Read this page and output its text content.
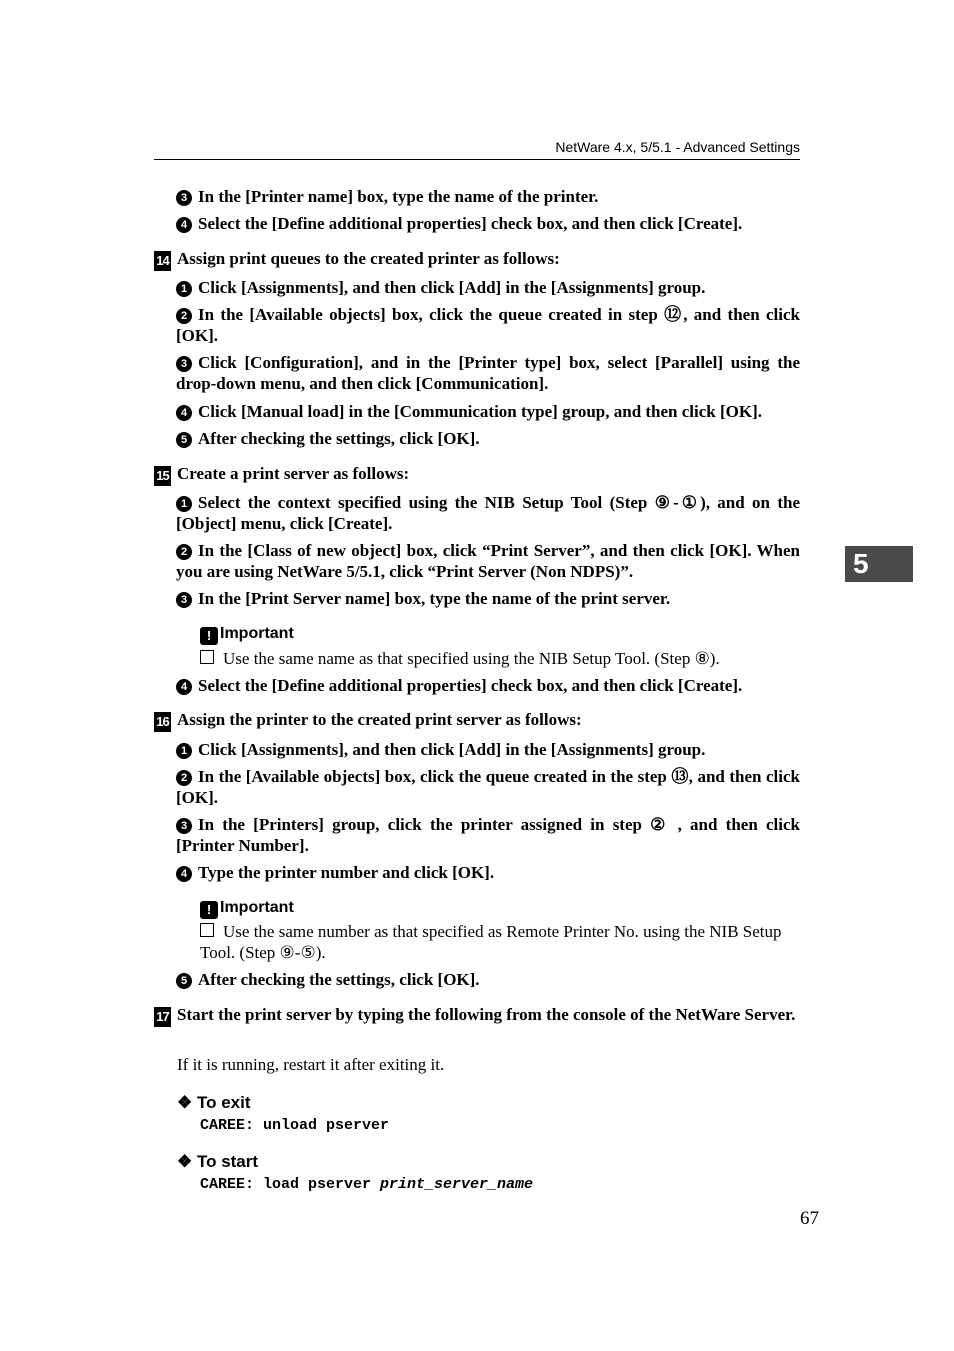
NetWare 4.x, 5/5.1 - Advanced Settings
3 In the [Printer name] box, type the name of the printer.
4 Select the [Define additional properties] check box, and then click [Create].
14 Assign print queues to the created printer as follows:
1 Click [Assignments], and then click [Add] in the [Assignments] group.
2 In the [Available objects] box, click the queue created in step ⑫, and then click [OK].
3 Click [Configuration], and in the [Printer type] box, select [Parallel] using the drop-down menu, and then click [Communication].
4 Click [Manual load] in the [Communication type] group, and then click [OK].
5 After checking the settings, click [OK].
15 Create a print server as follows:
1 Select the context specified using the NIB Setup Tool (Step ⑨-①), and on the [Object] menu, click [Create].
2 In the [Class of new object] box, click “Print Server”, and then click [OK]. When you are using NetWare 5/5.1, click “Print Server (Non NDPS)”.
3 In the [Print Server name] box, type the name of the print server.
! Important
Use the same name as that specified using the NIB Setup Tool. (Step ⑧).
4 Select the [Define additional properties] check box, and then click [Create].
16 Assign the printer to the created print server as follows:
1 Click [Assignments], and then click [Add] in the [Assignments] group.
2 In the [Available objects] box, click the queue created in the step ⑬, and then click [OK].
3 In the [Printers] group, click the printer assigned in step ② , and then click [Printer Number].
4 Type the printer number and click [OK].
! Important
Use the same number as that specified as Remote Printer No. using the NIB Setup Tool. (Step ⑨-⑤).
5 After checking the settings, click [OK].
17 Start the print server by typing the following from the console of the NetWare Server.
If it is running, restart it after exiting it.
❖ To exit
CAREE: unload pserver
❖ To start
CAREE: load pserver print_server_name
5
67
